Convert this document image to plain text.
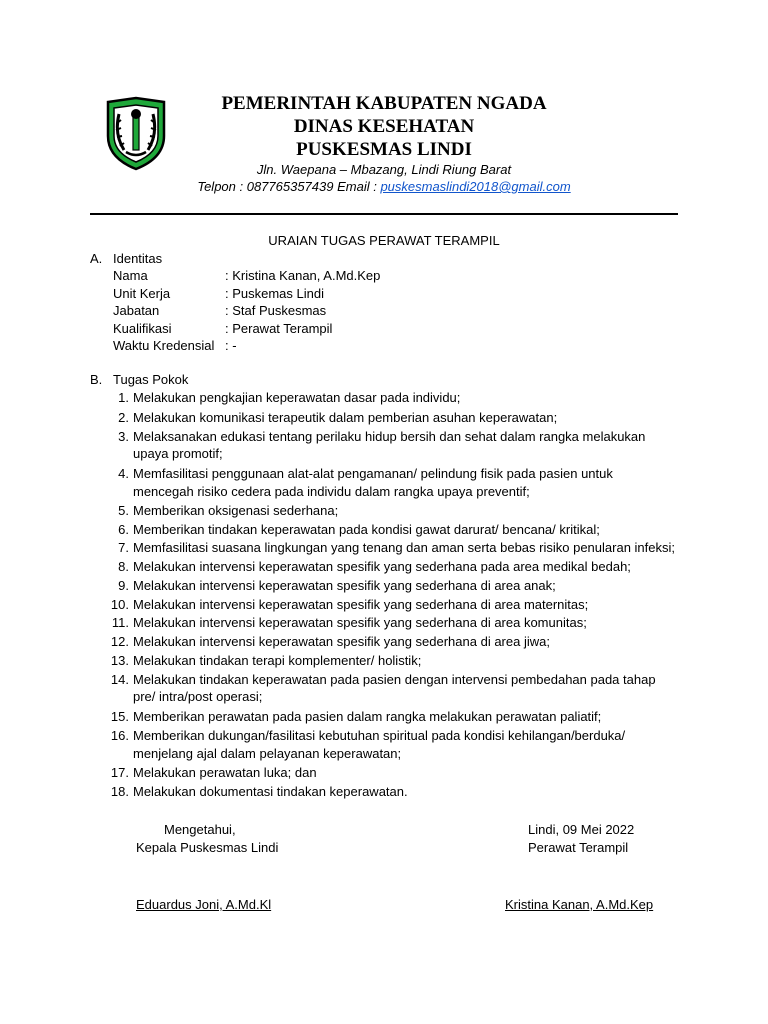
PEMERINTAH KABUPATEN NGADA
DINAS KESEHATAN
PUSKESMAS LINDI
Jln. Waepana – Mbazang, Lindi Riung Barat
Telpon : 087765357439 Email : puskesmaslindi2018@gmail.com
URAIAN TUGAS PERAWAT TERAMPIL
A. Identitas
Nama	: Kristina Kanan, A.Md.Kep
Unit Kerja	: Puskemas Lindi
Jabatan	: Staf Puskesmas
Kualifikasi	: Perawat Terampil
Waktu Kredensial : -
B. Tugas Pokok
1. Melakukan pengkajian keperawatan dasar pada individu;
2. Melakukan komunikasi terapeutik dalam pemberian asuhan keperawatan;
3. Melaksanakan edukasi tentang perilaku hidup bersih dan sehat dalam rangka melakukan
upaya promotif;
4. Memfasilitasi penggunaan alat-alat pengamanan/ pelindung fisik pada pasien untuk
mencegah risiko cedera pada individu dalam rangka upaya preventif;
5. Memberikan oksigenasi sederhana;
6. Memberikan tindakan keperawatan pada kondisi gawat darurat/ bencana/ kritikal;
7. Memfasilitasi suasana lingkungan yang tenang dan aman serta bebas risiko penularan infeksi;
8. Melakukan intervensi keperawatan spesifik yang sederhana pada area medikal bedah;
9. Melakukan intervensi keperawatan spesifik yang sederhana di area anak;
10. Melakukan intervensi keperawatan spesifik yang sederhana di area maternitas;
11. Melakukan intervensi keperawatan spesifik yang sederhana di area komunitas;
12. Melakukan intervensi keperawatan spesifik yang sederhana di area jiwa;
13. Melakukan tindakan terapi komplementer/ holistik;
14. Melakukan tindakan keperawatan pada pasien dengan intervensi pembedahan pada tahap
pre/ intra/post operasi;
15. Memberikan perawatan pada pasien dalam rangka melakukan perawatan paliatif;
16. Memberikan dukungan/fasilitasi kebutuhan spiritual pada kondisi kehilangan/berduka/
menjelang ajal dalam pelayanan keperawatan;
17. Melakukan perawatan luka; dan
18. Melakukan dokumentasi tindakan keperawatan.
Mengetahui,
Kepala Puskesmas Lindi
Eduardus Joni, A.Md.Kl
Lindi, 09 Mei 2022
Perawat Terampil
Kristina Kanan, A.Md.Kep
